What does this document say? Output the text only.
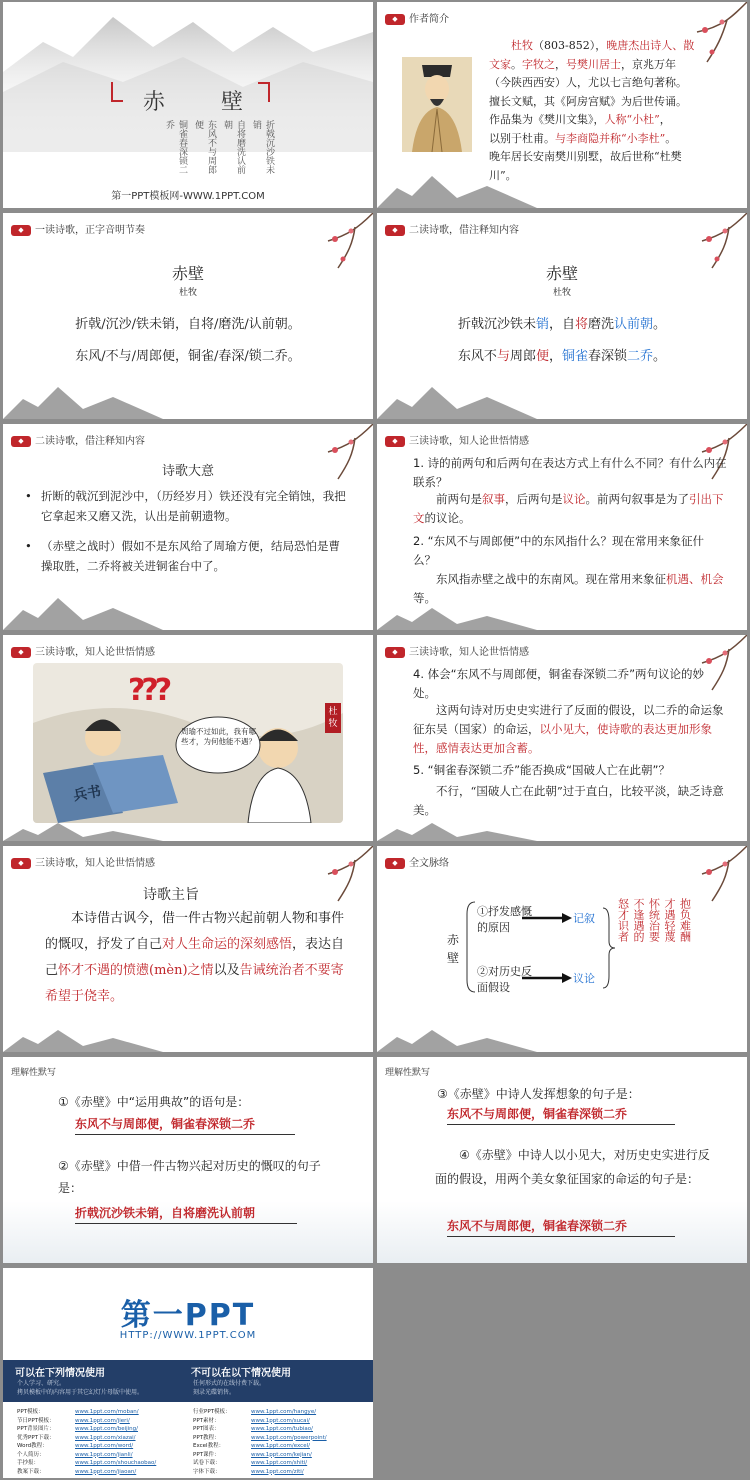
赤      壁
折戟沉沙铁未销
自将磨洗认前朝
东风不与周郎便
铜雀春深锁二乔
第一PPT模板网-WWW.1PPT.COM
◆ 作者简介
杜牧（803-852），晚唐杰出诗人、散
文家。字牧之，号樊川居士，京兆万年
（今陕西西安）人，尤以七言绝句著称。
擅长文赋，其《阿房宫赋》为后世传诵。
作品集为《樊川文集》，人称“小杜”，
以别于杜甫。与李商隐并称“小李杜”。
晚年居长安南樊川别墅，故后世称“杜樊
川”。
◆ 一读诗歌，正字音明节奏
赤壁
杜牧
折戟/沉沙/铁未销，自将/磨洗/认前朝。
东风/不与/周郎便，铜雀/春深/锁二乔。
◆ 二读诗歌，借注释知内容
赤壁
杜牧
折戟沉沙铁未销，自将磨洗认前朝。
东风不与周郎便，铜雀春深锁二乔。
◆ 二读诗歌，借注释知内容
诗歌大意
• 折断的戟沉到泥沙中，（历经岁月）铁还没有完全销蚀，我把它拿起来又磨又洗，认出是前朝遗物。
• （赤壁之战时）假如不是东风给了周瑜方便，结局恐怕是曹操取胜，二乔将被关进铜雀台中了。
◆ 三读诗歌，知人论世悟情感
1. 诗的前两句和后两句在表达方式上有什么不同？有什么内在联系？
前两句是叙事，后两句是议论。前两句叙事是为了引出下文的议论。
2. “东风不与周郎便”中的东风指什么？现在常用来象征什么？
东风指赤壁之战中的东南风。现在常用来象征机遇、机会等。
◆ 三读诗歌，知人论世悟情感
???
周瑜不过如此，我有哪些才，为何他能不遇？
杜牧
兵书
◆ 三读诗歌，知人论世悟情感
4. 体会“东风不与周郎便，铜雀春深锁二乔”两句议论的妙处。
这两句诗对历史史实进行了反面的假设，以二乔的命运象征东吴（国家）的命运，以小见大，使诗歌的表达更加形象性，感情表达更加含蓄。
5. “铜雀春深锁二乔”能否换成“国破人亡在此朝”？
不行，“国破人亡在此朝”过于直白，比较平淡，缺乏诗意美。
◆ 三读诗歌，知人论世悟情感
诗歌主旨
本诗借古讽今，借一件古物兴起前朝人物和事件的慨叹，抒发了自己对人生命运的深刻感悟，表达自己怀才不遇的愤懑(mèn)之情以及告诫统治者不要寄希望于侥幸。
◆ 全文脉络
赤壁
①抒发感慨的原因
②对历史反面假设
记叙
议论
抱负难酬
才遇轻蔑
怀统治要
不逢遇的
怒才识者
理解性默写
①《赤壁》中“运用典故”的语句是：
东风不与周郎便，铜雀春深锁二乔
②《赤壁》中借一件古物兴起对历史的慨叹的句子是：
折戟沉沙铁未销，自将磨洗认前朝
理解性默写
③《赤壁》中诗人发挥想象的句子是：
东风不与周郎便，铜雀春深锁二乔
④《赤壁》中诗人以小见大，对历史史实进行反面的假设，用两个美女象征国家的命运的句子是：
东风不与周郎便，铜雀春深锁二乔
第一PPT
HTTP://WWW.1PPT.COM
可以在下列情况使用
个人学习、研究。
拷贝模板中的内容用于其它幻灯片母版中使用。
不可以在以下情况使用
任何形式的在线付费下载。
刻录光碟销售。
PPT模板：	www.1ppt.com/moban/
节日PPT模板：	www.1ppt.com/jieri/
PPT背景图片：	www.1ppt.com/beijing/
优秀PPT下载：	www.1ppt.com/xiazai/
Word教程：	www.1ppt.com/word/
个人简历：	www.1ppt.com/jianli/
手抄报：	www.1ppt.com/shouchaobao/
教案下载：	www.1ppt.com/jiaoan/
行业PPT模板：	www.1ppt.com/hangye/
PPT素材：	www.1ppt.com/sucai/
PPT图表：	www.1ppt.com/tubiao/
PPT教程：	www.1ppt.com/powerpoint/
Excel教程：	www.1ppt.com/excel/
PPT课件：	www.1ppt.com/kejian/
试卷下载：	www.1ppt.com/shiti/
字体下载：	www.1ppt.com/ziti/
